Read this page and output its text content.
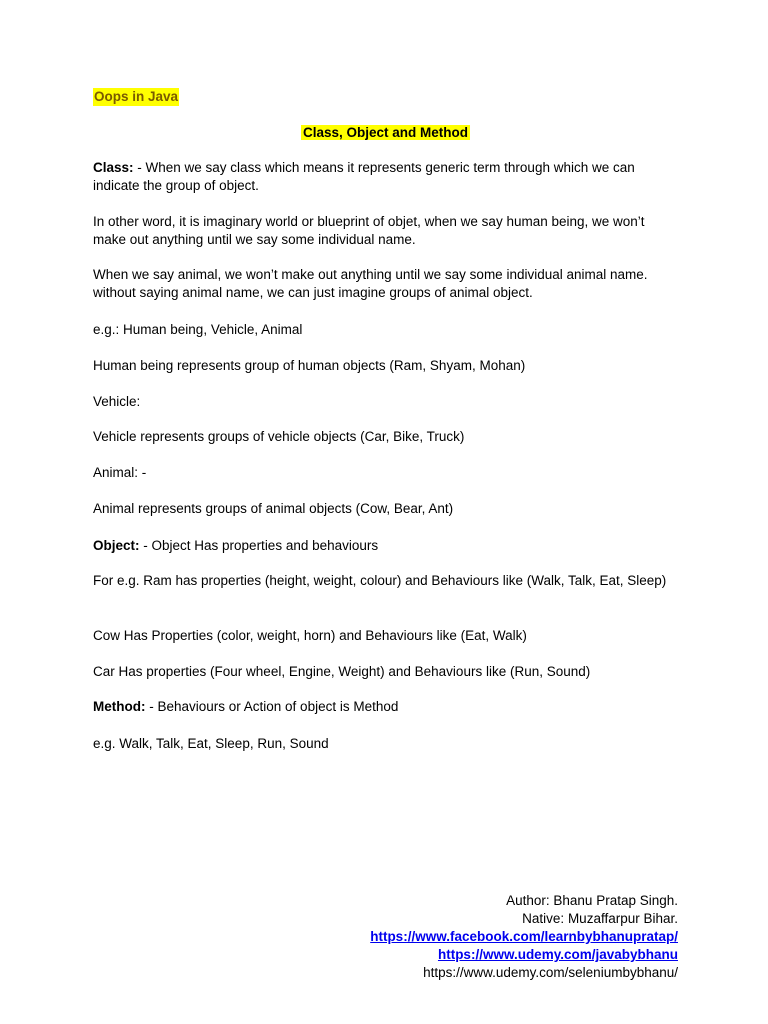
Oops in Java
Class, Object and Method

Class: - When we say class which means it represents generic term through which we can indicate the group of object.

In other word, it is imaginary world or blueprint of objet, when we say human being, we won’t make out anything until we say some individual name.

When we say animal, we won’t make out anything until we say some individual animal name. without saying animal name, we can just imagine groups of animal object.

e.g.: Human being, Vehicle, Animal

Human being represents group of human objects (Ram, Shyam, Mohan)

Vehicle:

Vehicle represents groups of vehicle objects (Car, Bike, Truck)

Animal: -

Animal represents groups of animal objects (Cow, Bear, Ant)

Object: - Object Has properties and behaviours

For e.g. Ram has properties (height, weight, colour) and Behaviours like (Walk, Talk, Eat, Sleep)

Cow Has Properties (color, weight, horn) and Behaviours like (Eat, Walk)

Car Has properties (Four wheel, Engine, Weight) and Behaviours like (Run, Sound)

Method: - Behaviours or Action of object is Method

e.g. Walk, Talk, Eat, Sleep, Run, Sound

Author: Bhanu Pratap Singh.
Native: Muzaffarpur Bihar.
https://www.facebook.com/learnbybhanupratap/
https://www.udemy.com/javabybhanu
https://www.udemy.com/seleniumbybhanu/
